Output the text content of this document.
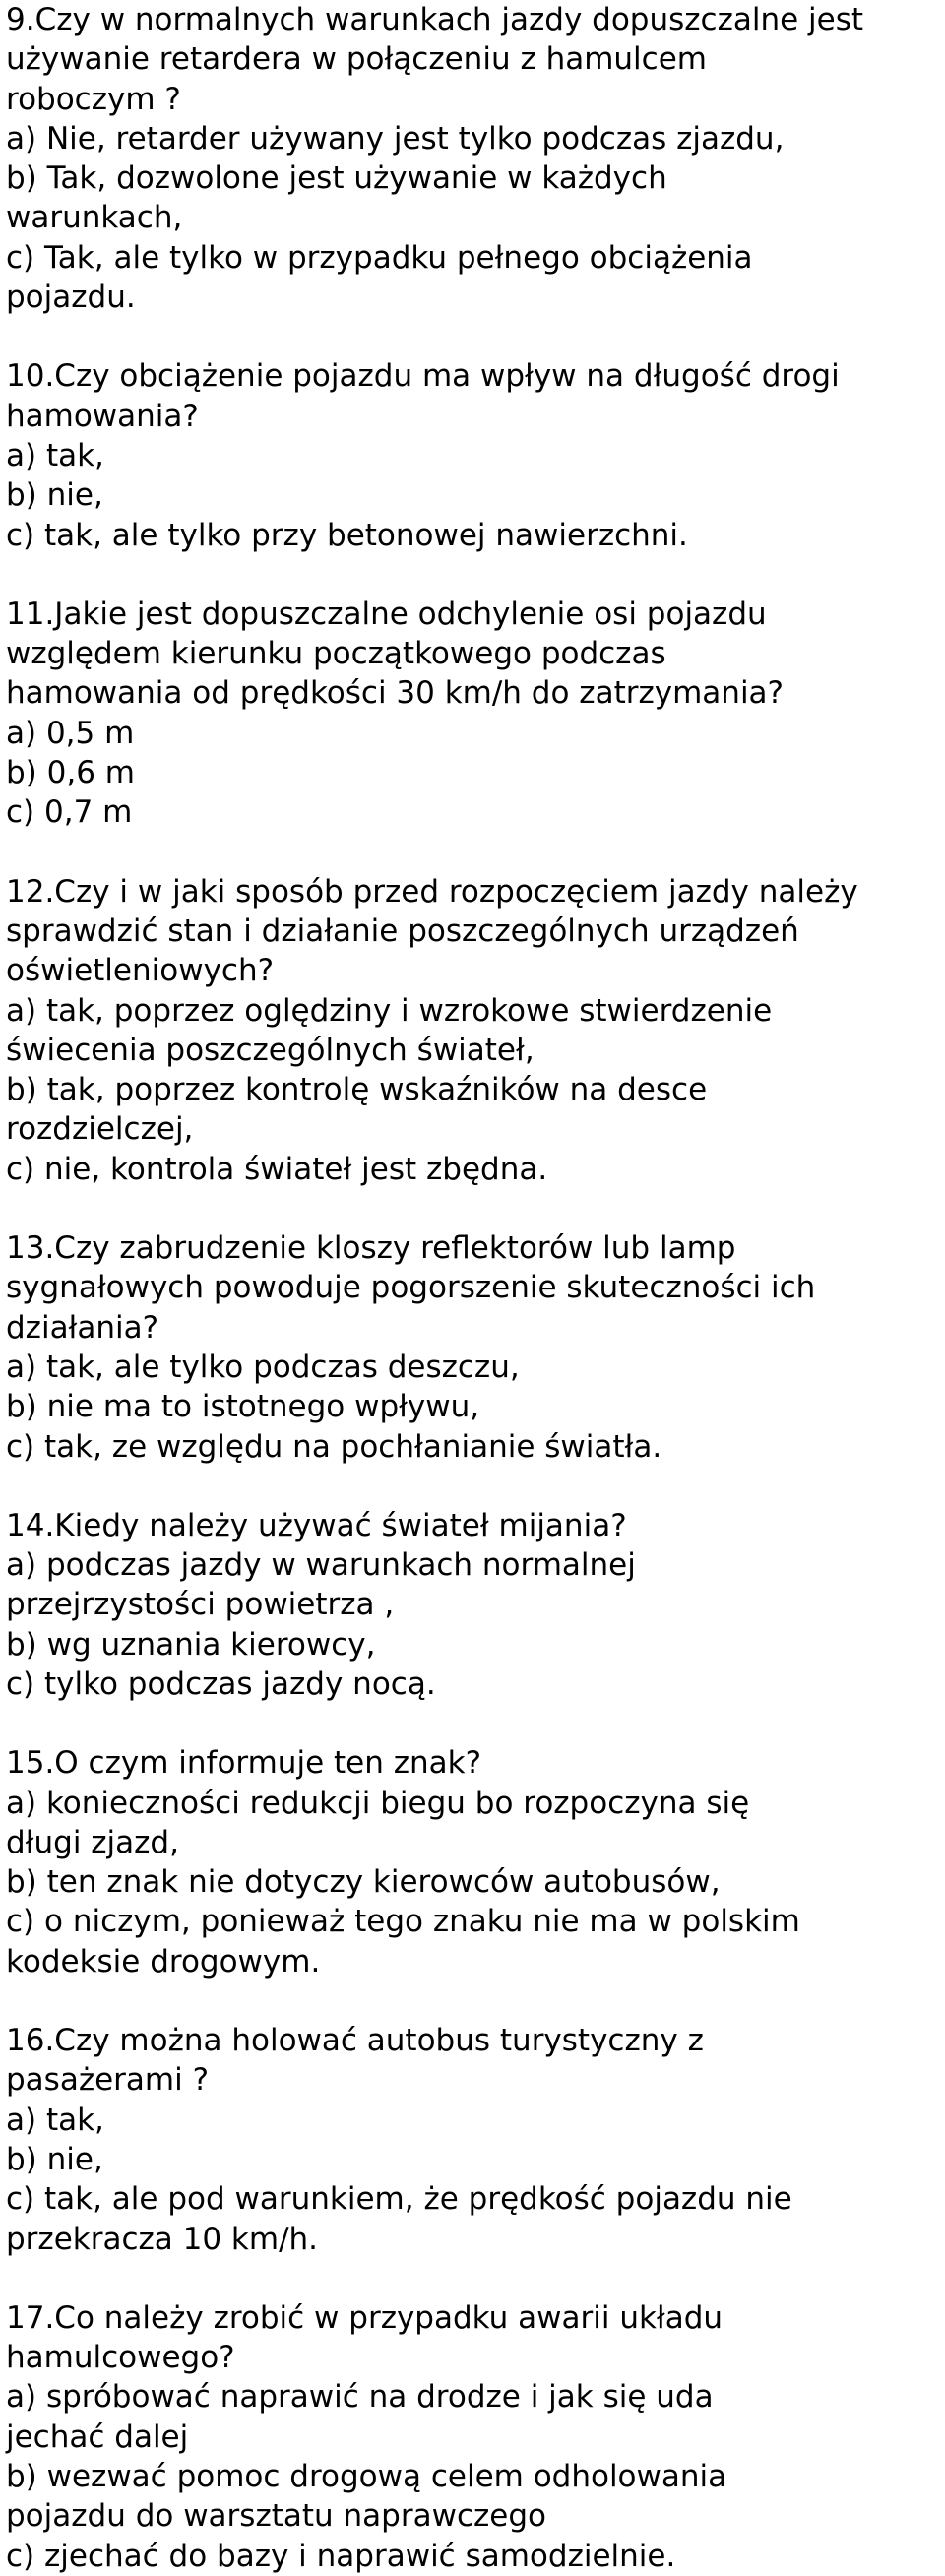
9.Czy w normalnych warunkach jazdy dopuszczalne jest
używanie retardera w połączeniu z hamulcem
roboczym ?
a) Nie, retarder używany jest tylko podczas zjazdu,
b) Tak, dozwolone jest używanie w każdych
warunkach,
c) Tak, ale tylko w przypadku pełnego obciążenia
pojazdu.
10.Czy obciążenie pojazdu ma wpływ na długość drogi
hamowania?
a) tak,
b) nie,
c) tak, ale tylko przy betonowej nawierzchni.
11.Jakie jest dopuszczalne odchylenie osi pojazdu
względem kierunku początkowego podczas
hamowania od prędkości 30 km/h do zatrzymania?
a) 0,5 m
b) 0,6 m
c) 0,7 m
12.Czy i w jaki sposób przed rozpoczęciem jazdy należy
sprawdzić stan i działanie poszczególnych urządzeń
oświetleniowych?
a) tak, poprzez oględziny i wzrokowe stwierdzenie
świecenia poszczególnych świateł,
b) tak, poprzez kontrolę wskaźników na desce
rozdzielczej,
c) nie, kontrola świateł jest zbędna.
13.Czy zabrudzenie kloszy reflektorów lub lamp
sygnałowych powoduje pogorszenie skuteczności ich
działania?
a) tak, ale tylko podczas deszczu,
b) nie ma to istotnego wpływu,
c) tak, ze względu na pochłanianie światła.
14.Kiedy należy używać świateł mijania?
a) podczas jazdy w warunkach normalnej
przejrzystości powietrza ,
b) wg uznania kierowcy,
c) tylko podczas jazdy nocą.
15.O czym informuje ten znak?
a) konieczności redukcji biegu bo rozpoczyna się
długi zjazd,
b) ten znak nie dotyczy kierowców autobusów,
c) o niczym, ponieważ tego znaku nie ma w polskim
kodeksie drogowym.
16.Czy można holować autobus turystyczny z
pasażerami ?
a) tak,
b) nie,
c) tak, ale pod warunkiem, że prędkość pojazdu nie
przekracza 10 km/h.
17.Co należy zrobić w przypadku awarii układu
hamulcowego?
a) spróbować naprawić na drodze i jak się uda
jechać dalej
b) wezwać pomoc drogową celem odholowania
pojazdu do warsztatu naprawczego
c) zjechać do bazy i naprawić samodzielnie.
